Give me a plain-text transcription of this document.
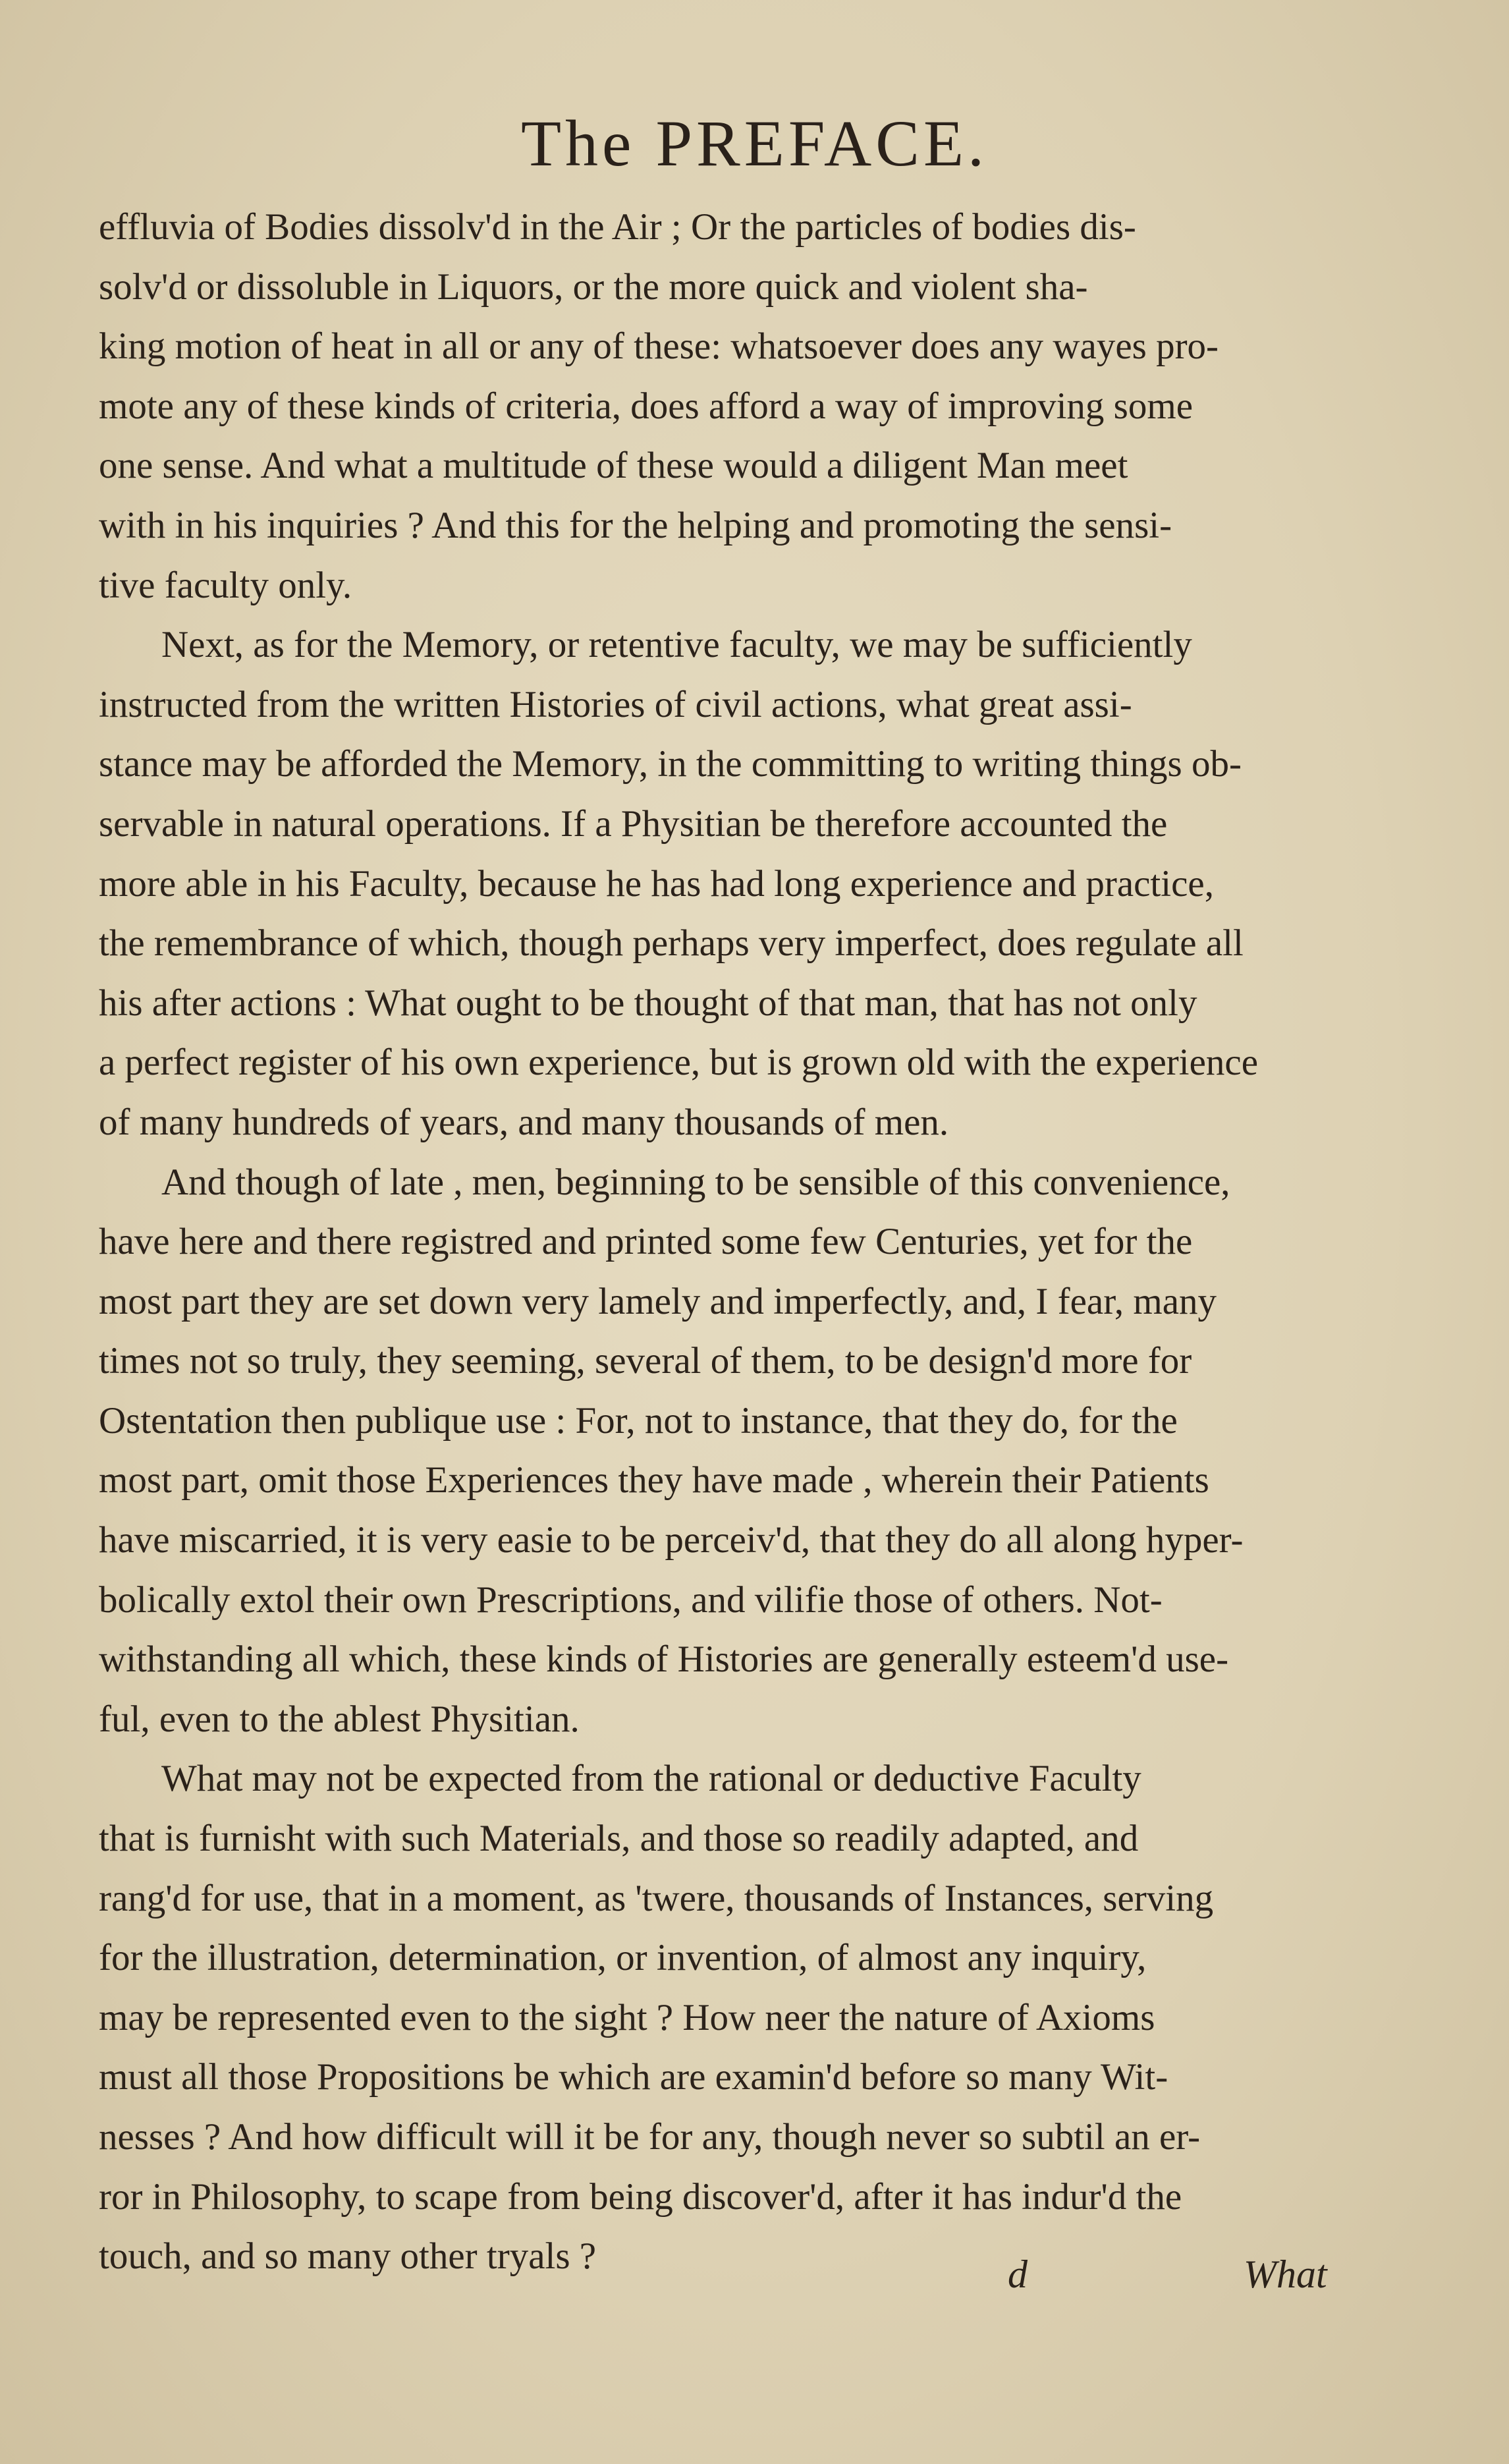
The PREFACE.
effluvia of Bodies dissolv'd in the Air ; Or the particles of bodies dis-
solv'd or dissoluble in Liquors, or the more quick and violent sha-
king motion of heat in all or any of these: whatsoever does any wayes pro-
mote any of these kinds of criteria, does afford a way of improving some
one sense. And what a multitude of these would a diligent Man meet
with in his inquiries ? And this for the helping and promoting the sensi-
tive faculty only.
Next, as for the Memory, or retentive faculty, we may be sufficiently
instructed from the written Histories of civil actions, what great assi-
stance may be afforded the Memory, in the committing to writing things ob-
servable in natural operations. If a Physitian be therefore accounted the
more able in his Faculty, because he has had long experience and practice,
the remembrance of which, though perhaps very imperfect, does regulate all
his after actions : What ought to be thought of that man, that has not only
a perfect register of his own experience, but is grown old with the experience
of many hundreds of years, and many thousands of men.
And though of late , men, beginning to be sensible of this convenience,
have here and there registred and printed some few Centuries, yet for the
most part they are set down very lamely and imperfectly, and, I fear, many
times not so truly, they seeming, several of them, to be design'd more for
Ostentation then publique use : For, not to instance, that they do, for the
most part, omit those Experiences they have made , wherein their Patients
have miscarried, it is very easie to be perceiv'd, that they do all along hyper-
bolically extol their own Prescriptions, and vilifie those of others. Not-
withstanding all which, these kinds of Histories are generally esteem'd use-
ful, even to the ablest Physitian.
What may not be expected from the rational or deductive Faculty
that is furnisht with such Materials, and those so readily adapted, and
rang'd for use, that in a moment, as 'twere, thousands of Instances, serving
for the illustration, determination, or invention, of almost any inquiry,
may be represented even to the sight ? How neer the nature of Axioms
must all those Propositions be which are examin'd before so many Wit-
nesses ? And how difficult will it be for any, though never so subtil an er-
ror in Philosophy, to scape from being discover'd, after it has indur'd the
touch, and so many other tryals ?	d	What
